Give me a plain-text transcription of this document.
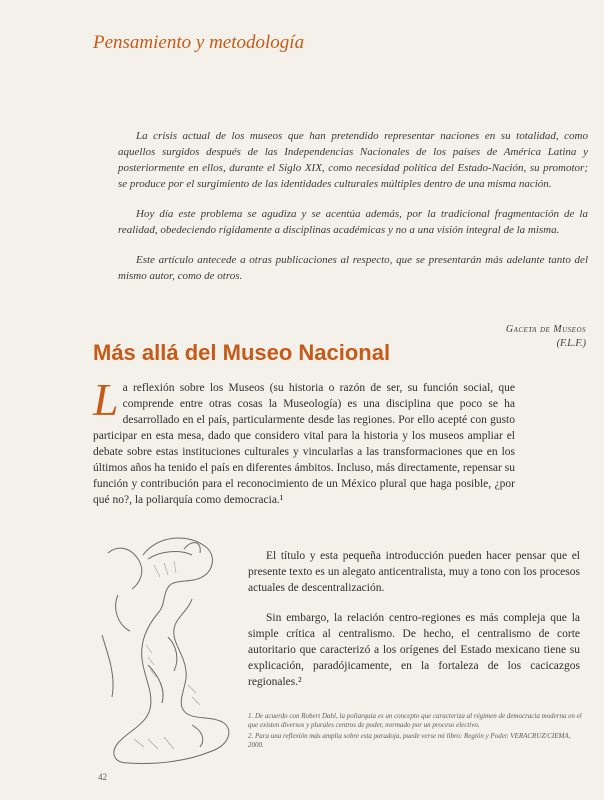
Pensamiento y metodología

La crisis actual de los museos que han pretendido representar naciones en su totalidad, como aquellos surgidos después de las Independencias Nacionales de los países de América Latina y posteriormente en ellos, durante el Siglo XIX, como necesidad política del Estado-Nación, su promotor; se produce por el surgimiento de las identidades culturales múltiples dentro de una misma nación.

Hoy día este problema se agudiza y se acentúa además, por la tradicional fragmentación de la realidad, obedeciendo rígidamente a disciplinas académicas y no a una visión integral de la misma.

Este artículo antecede a otras publicaciones al respecto, que se presentarán más adelante tanto del mismo autor, como de otros.

Gaceta de Museos
(F.L.F.)
Más allá del Museo Nacional
L a reflexión sobre los Museos (su historia o razón de ser, su función social, que comprende entre otras cosas la Museología) es una disciplina que poco se ha desarrollado en el país, particularmente desde las regiones. Por ello acepté con gusto participar en esta mesa, dado que considero vital para la historia y los museos ampliar el debate sobre estas instituciones culturales y vincularlas a las transformaciones que en los últimos años ha tenido el país en diferentes ámbitos. Incluso, más directamente, repensar su función y contribución para el reconocimiento de un México plural que haga posible, ¿por qué no?, la poliarquía como democracia.¹

El título y esta pequeña introducción pueden hacer pensar que el presente texto es un alegato anticentralista, muy a tono con los procesos actuales de descentralización.

Sin embargo, la relación centro-regiones es más compleja que la simple crítica al centralismo. De hecho, el centralismo de corte autoritario que caracterizó a los orígenes del Estado mexicano tiene su explicación, paradójicamente, en la fortaleza de los cacicazgos regionales.²

1. De acuerdo con Robert Dahl, la poliarquía es un concepto que caracteriza al régimen de democracia moderna en el que existen diversos y plurales centros de poder, normado por un proceso electivo.

2. Para una reflexión más amplia sobre esta paradoja, puede verse mi libro: Región y Poder. VERACRUZ/CIEMA, 2000.

42
